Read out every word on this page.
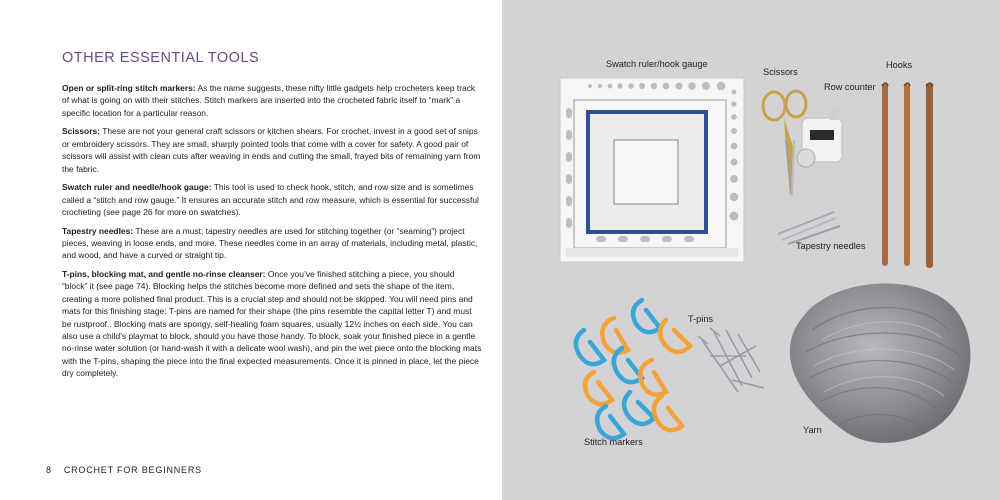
OTHER ESSENTIAL TOOLS

Open or split-ring stitch markers: As the name suggests, these nifty little gadgets help crocheters keep track of what is going on with their stitches. Stitch markers are inserted into the crocheted fabric itself to “mark” a specific location for a particular reason.

Scissors: These are not your general craft scissors or kitchen shears. For crochet, invest in a good set of snips or embroidery scissors. They are small, sharply pointed tools that come with a cover for safety. A good pair of scissors will assist with clean cuts after weaving in ends and cutting the small, frayed bits of remaining yarn from the fabric.

Swatch ruler and needle/hook gauge: This tool is used to check hook, stitch, and row size and is sometimes called a “stitch and row gauge.” It ensures an accurate stitch and row measure, which is essential for successful crocheting (see page 26 for more on swatches).

Tapestry needles: These are a must; tapestry needles are used for stitching together (or “seaming”) project pieces, weaving in loose ends, and more. These needles come in an array of materials, including metal, plastic, and wood, and have a curved or straight tip.

T-pins, blocking mat, and gentle no-rinse cleanser: Once you’ve finished stitching a piece, you should “block” it (see page 74). Blocking helps the stitches become more defined and sets the shape of the item, creating a more polished final product. This is a crucial step and should not be skipped. You will need pins and mats for this finishing stage: T-pins are named for their shape (the pins resemble the capital letter T) and must be rustproof.. Blocking mats are spongy, self-healing foam squares, usually 12½ inches on each side. You can also use a child’s playmat to block, should you have those handy. To block, soak your finished piece in a gentle no-rinse water solution (or hand-wash it with a delicate wool wash), and pin the wet piece onto the blocking mats with the T-pins, shaping the piece into the final expected measurements. Once it is pinned in place, let the piece dry completely.

8 CROCHET FOR BEGINNERS
Swatch ruler/hook gauge
Scissors
Row counter
Hooks
Tapestry needles
T-pins
Stitch markers
Yarn
